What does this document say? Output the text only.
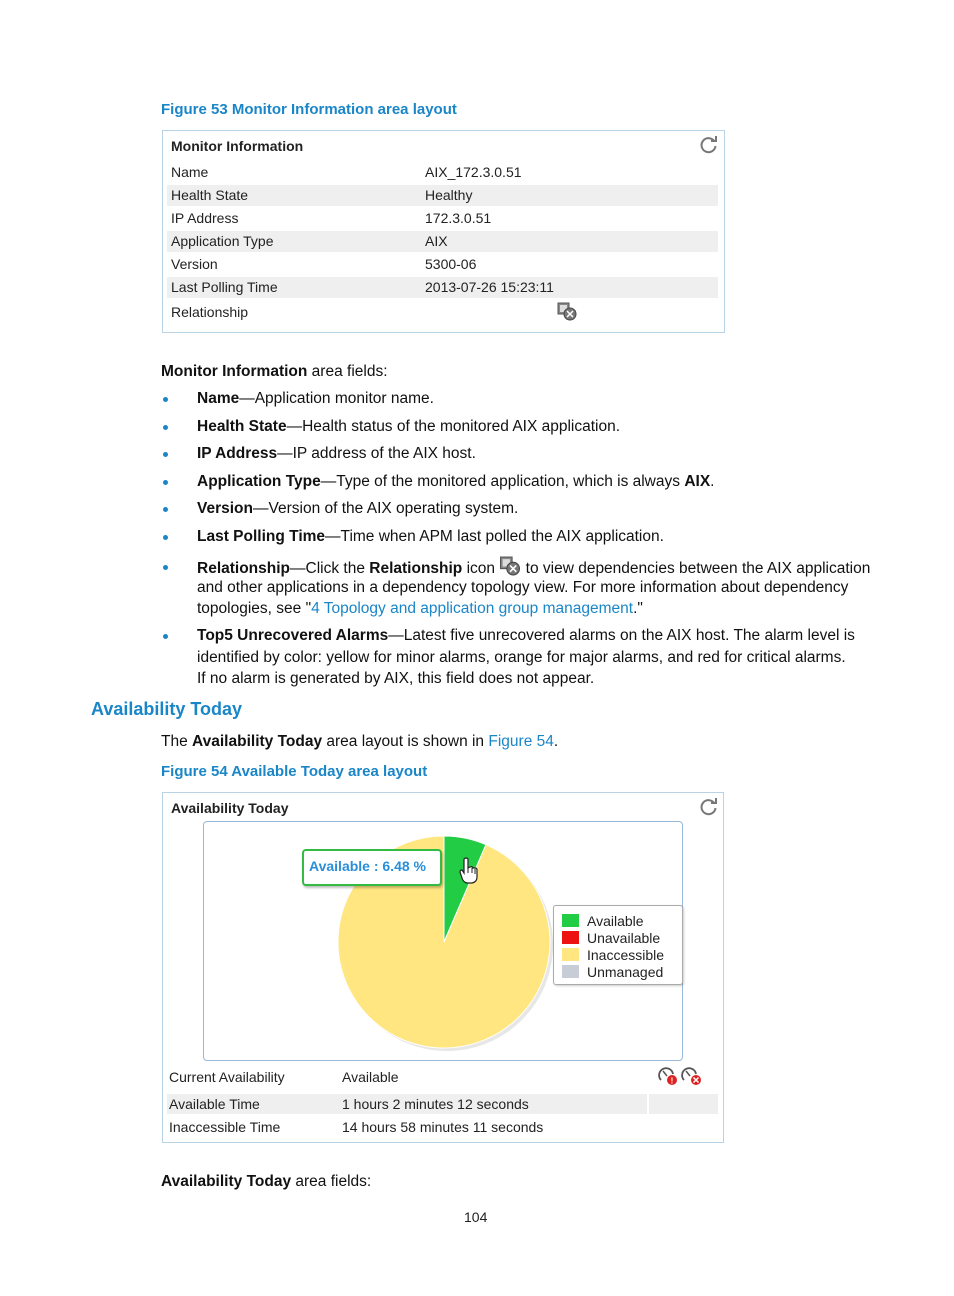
Figure 53 Monitor Information area layout
Monitor Information
Name	AIX_172.3.0.51
Health State	Healthy
IP Address	172.3.0.51
Application Type	AIX
Version	5300-06
Last Polling Time	2013-07-26 15:23:11
Relationship
Monitor Information area fields:
Name—Application monitor name.
Health State—Health status of the monitored AIX application.
IP Address—IP address of the AIX host.
Application Type—Type of the monitored application, which is always AIX.
Version—Version of the AIX operating system.
Last Polling Time—Time when APM last polled the AIX application.
Relationship—Click the Relationship icon  to view dependencies between the AIX application
and other applications in a dependency topology view. For more information about dependency
topologies, see "4 Topology and application group management."
Top5 Unrecovered Alarms—Latest five unrecovered alarms on the AIX host. The alarm level is
identified by color: yellow for minor alarms, orange for major alarms, and red for critical alarms.
If no alarm is generated by AIX, this field does not appear.
Availability Today
The Availability Today area layout is shown in Figure 54.
Figure 54 Available Today area layout
Availability Today
Available : 6.48 %
Available
Unavailable
Inaccessible
Unmanaged
Current Availability	Available	!
Available Time	1 hours 2 minutes 12 seconds
Inaccessible Time	14 hours 58 minutes 11 seconds
Availability Today area fields:
104
